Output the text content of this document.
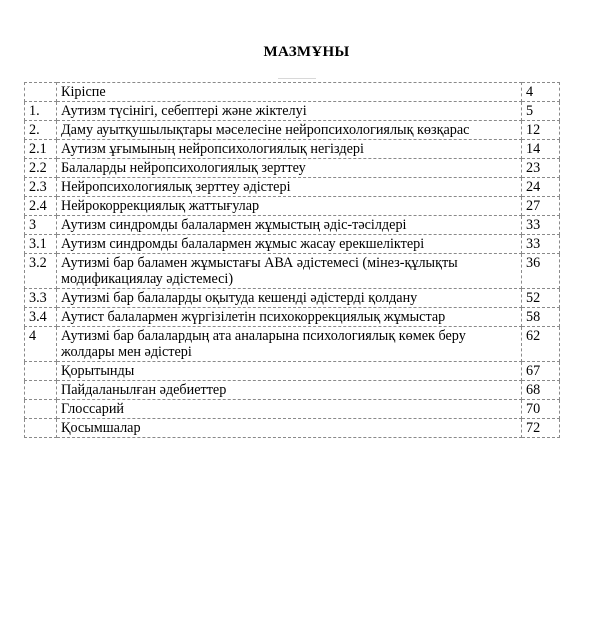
МАЗМҰНЫ
	Кіріспе	4
1.	Аутизм түсінігі, себептері және жіктелуі	5
2.	Даму ауытқушылықтары мәселесіне нейропсихологиялық көзқарас	12
2.1	Аутизм ұғымының нейропсихологиялық негіздері	14
2.2	Балаларды нейропсихологиялық зерттеу	23
2.3	Нейропсихологиялық зерттеу әдістері	24
2.4	Нейрокоррекциялық жаттығулар	27
3	Аутизм синдромды балалармен жұмыстың әдіс-тәсілдері	33
3.1	Аутизм синдромды балалармен жұмыс жасау ерекшеліктері	33
3.2	Аутизмі бар баламен жұмыстағы АВА әдістемесі (мінез-құлықты модификациялау әдістемесі)	36
3.3	Аутизмі бар балаларды оқытуда кешенді әдістерді қолдану	52
3.4	Аутист балалармен жүргізілетін психокоррекциялық жұмыстар	58
4	Аутизмі бар балалардың ата аналарына психологиялық көмек беру жолдары мен әдістері	62
	Қорытынды	67
	Пайдаланылған әдебиеттер	68
	Глоссарий	70
	Қосымшалар	72
